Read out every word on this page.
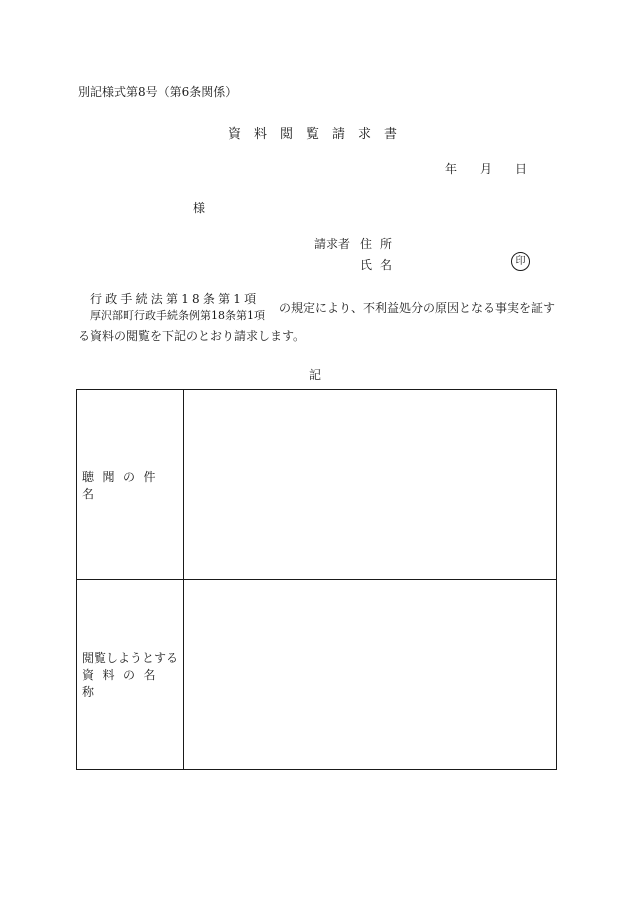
別記様式第8号（第6条関係）
資料閲覧請求書
年 月 日
様
請求者 住所
氏名	印
行政手続法第18条第1項
厚沢部町行政手続条例第18条第1項
の規定により、不利益処分の原因となる事実を証す
る資料の閲覧を下記のとおり請求します。
記
聴聞の件名	

閲覧しようとする
資料の名称	
